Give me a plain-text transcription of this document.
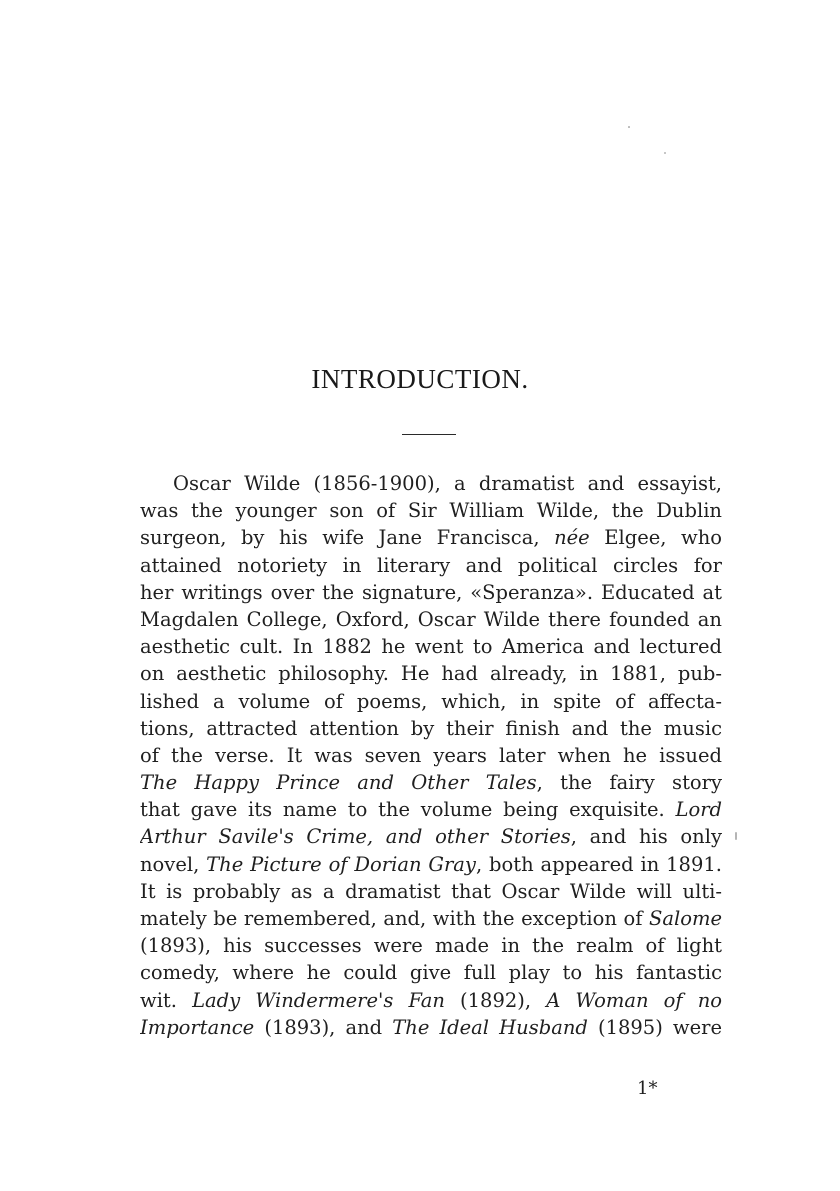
INTRODUCTION.
Oscar Wilde (1856-1900), a dramatist and essayist,
was the younger son of Sir William Wilde, the Dublin
surgeon, by his wife Jane Francisca, née Elgee, who
attained notoriety in literary and political circles for
her writings over the signature, «Speranza». Educated at
Magdalen College, Oxford, Oscar Wilde there founded an
aesthetic cult. In 1882 he went to America and lectured
on aesthetic philosophy. He had already, in 1881, pub-
lished a volume of poems, which, in spite of affecta-
tions, attracted attention by their finish and the music
of the verse. It was seven years later when he issued
The Happy Prince and Other Tales, the fairy story
that gave its name to the volume being exquisite. Lord
Arthur Savile's Crime, and other Stories, and his only
novel, The Picture of Dorian Gray, both appeared in 1891.
It is probably as a dramatist that Oscar Wilde will ulti-
mately be remembered, and, with the exception of Salome
(1893), his successes were made in the realm of light
comedy, where he could give full play to his fantastic
wit. Lady Windermere's Fan (1892), A Woman of no
Importance (1893), and The Ideal Husband (1895) were
1*
